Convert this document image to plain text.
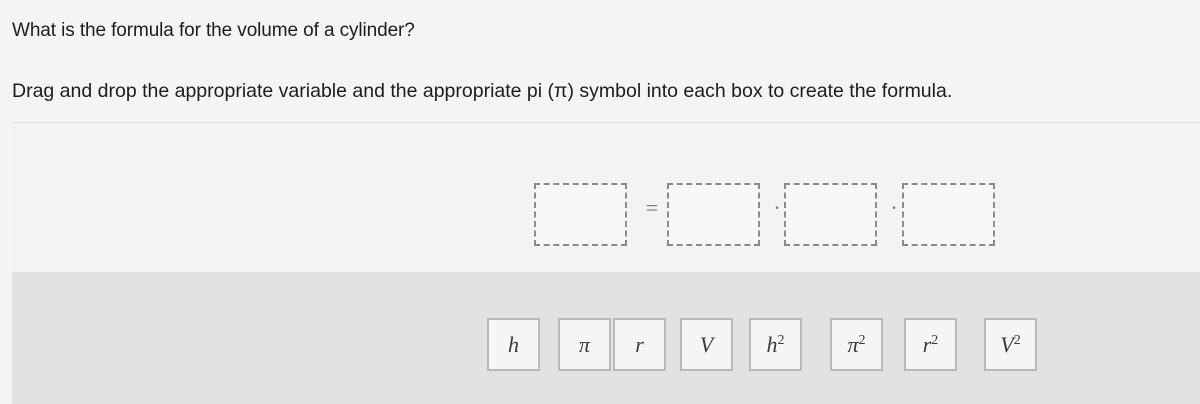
What is the formula for the volume of a cylinder?
Drag and drop the appropriate variable and the appropriate pi (π) symbol into each box to create the formula.
=	·	·
h	π r	V $h^2$	$\pi^2$	$r^2$	$V^2$
